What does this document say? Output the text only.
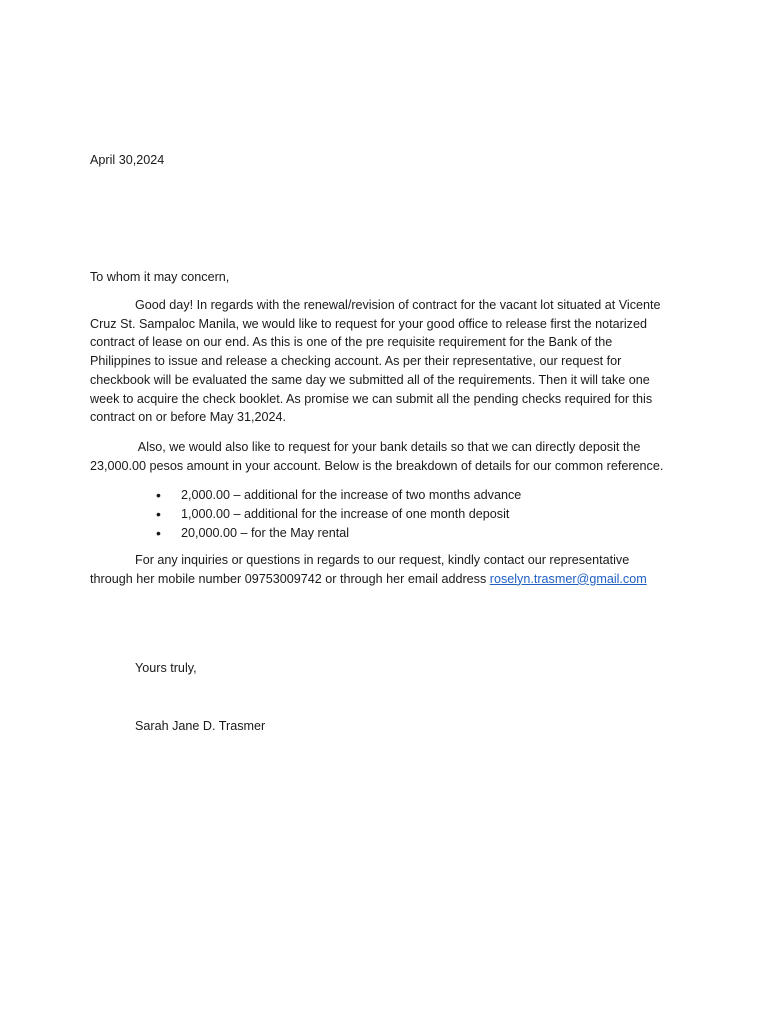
April 30,2024
To whom it may concern,

Good day! In regards with the renewal/revision of contract for the vacant lot situated at Vicente
Cruz St. Sampaloc Manila, we would like to request for your good office to release first the notarized
contract of lease on our end. As this is one of the pre requisite requirement for the Bank of the
Philippines to issue and release a checking account. As per their representative, our request for
checkbook will be evaluated the same day we submitted all of the requirements. Then it will take one
week to acquire the check booklet. As promise we can submit all the pending checks required for this
contract on or before May 31,2024.

Also, we would also like to request for your bank details so that we can directly deposit the
23,000.00 pesos amount in your account. Below is the breakdown of details for our common reference.

• 2,000.00 – additional for the increase of two months advance
• 1,000.00 – additional for the increase of one month deposit
• 20,000.00 – for the May rental

For any inquiries or questions in regards to our request, kindly contact our representative
through her mobile number 09753009742 or through her email address roselyn.trasmer@gmail.com

Yours truly,
Sarah Jane D. Trasmer
